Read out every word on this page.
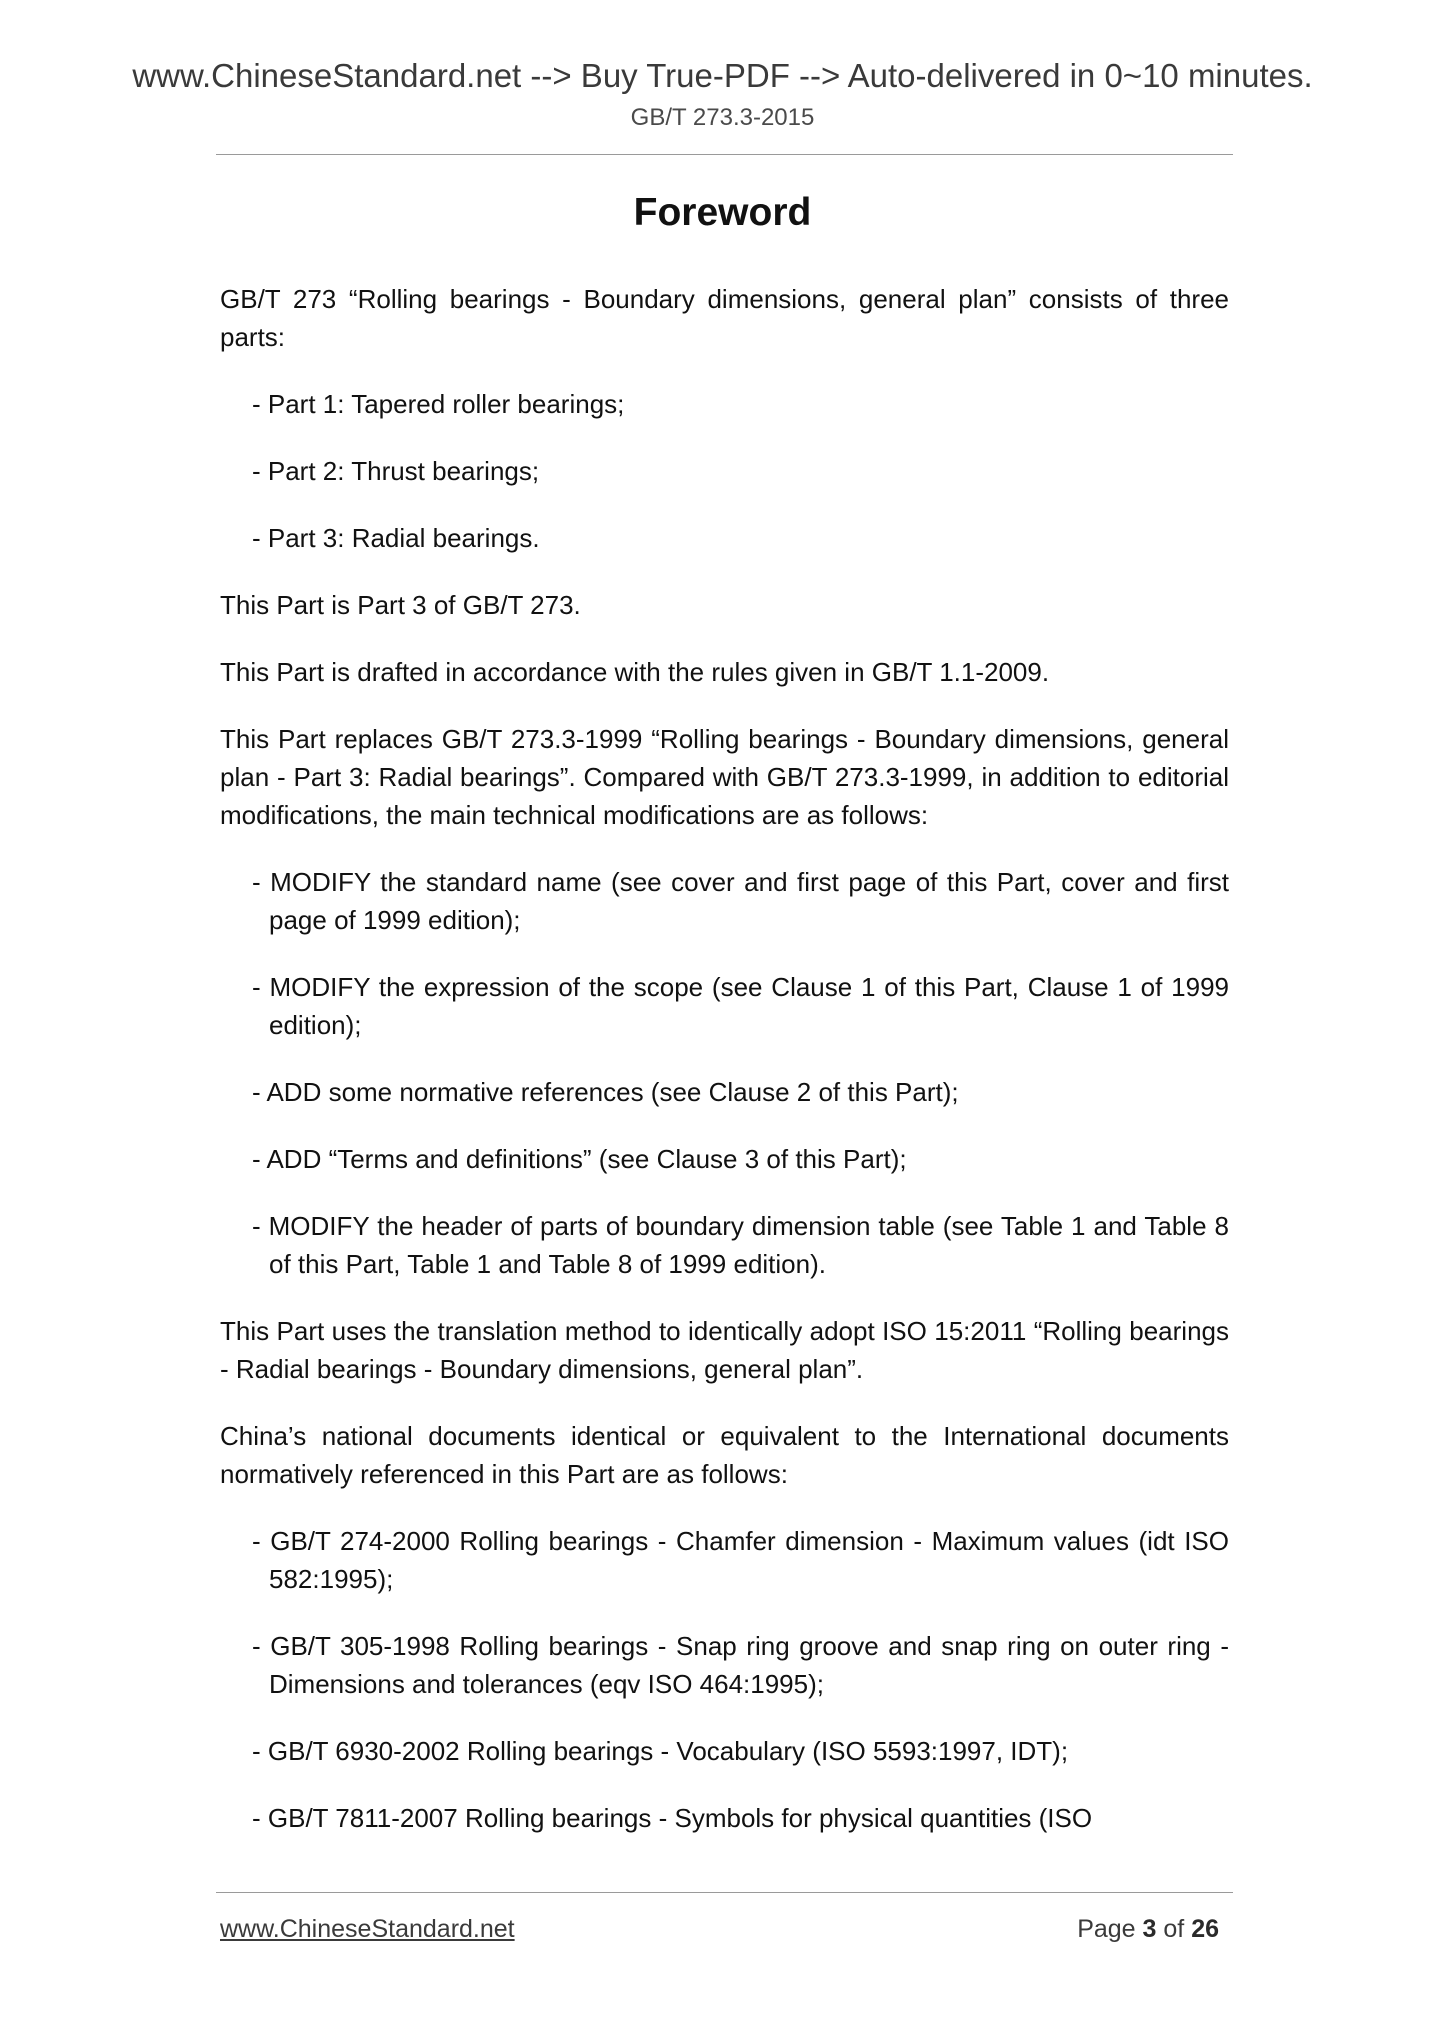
www.ChineseStandard.net --> Buy True-PDF --> Auto-delivered in 0~10 minutes.
GB/T 273.3-2015
Foreword

GB/T 273 “Rolling bearings - Boundary dimensions, general plan” consists of three parts:

- Part 1: Tapered roller bearings;
- Part 2: Thrust bearings;
- Part 3: Radial bearings.

This Part is Part 3 of GB/T 273.

This Part is drafted in accordance with the rules given in GB/T 1.1-2009.

This Part replaces GB/T 273.3-1999 “Rolling bearings - Boundary dimensions, general plan - Part 3: Radial bearings”. Compared with GB/T 273.3-1999, in addition to editorial modifications, the main technical modifications are as follows:

- MODIFY the standard name (see cover and first page of this Part, cover and first page of 1999 edition);
- MODIFY the expression of the scope (see Clause 1 of this Part, Clause 1 of 1999 edition);
- ADD some normative references (see Clause 2 of this Part);
- ADD “Terms and definitions” (see Clause 3 of this Part);
- MODIFY the header of parts of boundary dimension table (see Table 1 and Table 8 of this Part, Table 1 and Table 8 of 1999 edition).

This Part uses the translation method to identically adopt ISO 15:2011 “Rolling bearings - Radial bearings - Boundary dimensions, general plan”.

China’s national documents identical or equivalent to the International documents normatively referenced in this Part are as follows:

- GB/T 274-2000 Rolling bearings - Chamfer dimension - Maximum values (idt ISO 582:1995);
- GB/T 305-1998 Rolling bearings - Snap ring groove and snap ring on outer ring - Dimensions and tolerances (eqv ISO 464:1995);
- GB/T 6930-2002 Rolling bearings - Vocabulary (ISO 5593:1997, IDT);
- GB/T 7811-2007 Rolling bearings - Symbols for physical quantities (ISO
www.ChineseStandard.net	Page 3 of 26
